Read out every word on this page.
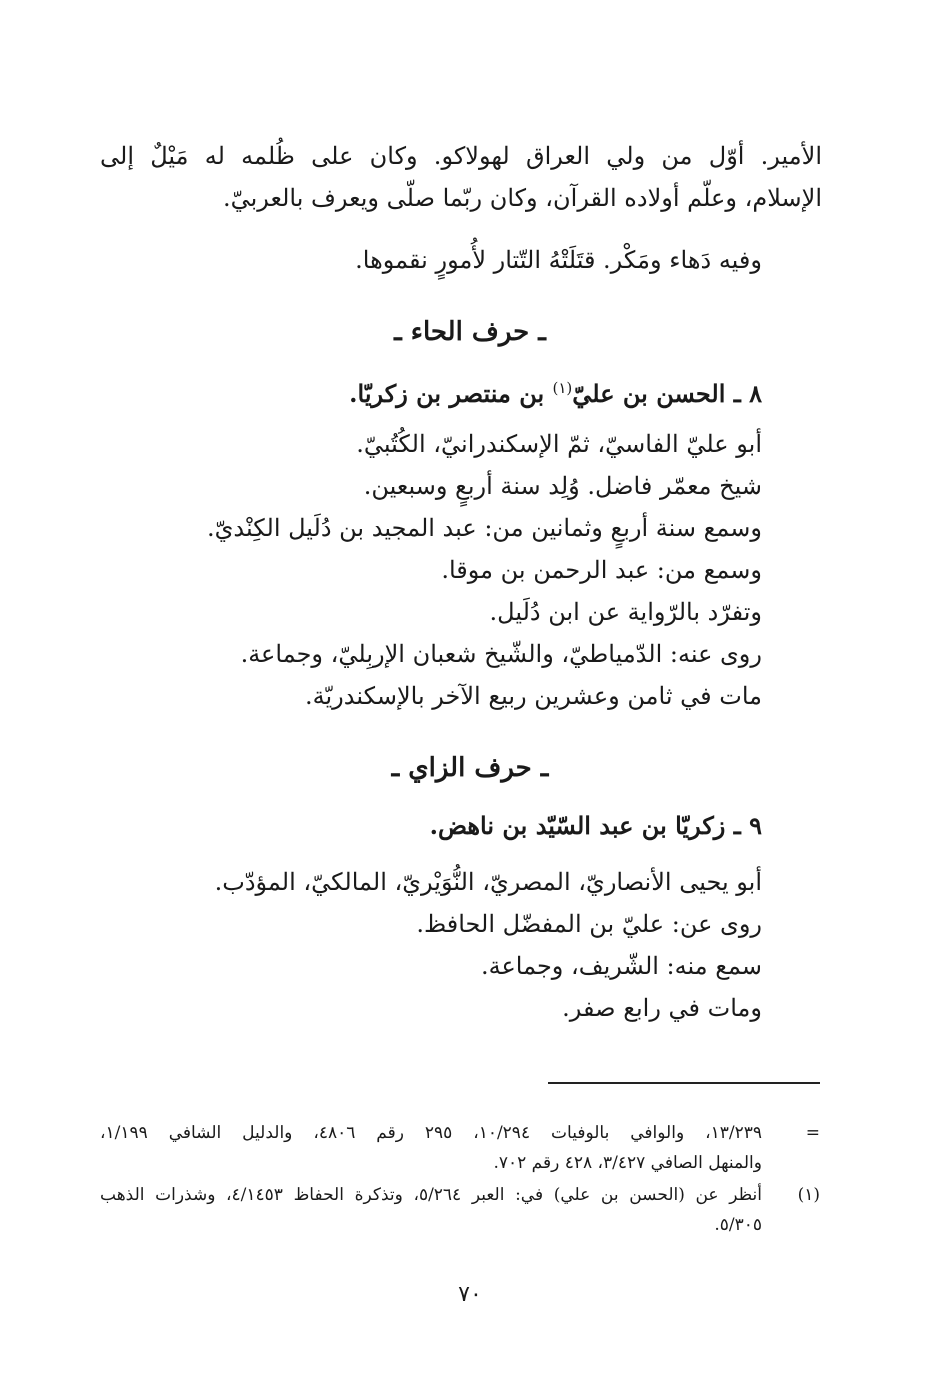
الأمير. أوّل من ولي العراق لهولاكو. وكان على ظُلمه له مَيْلٌ إلى
الإسلام، وعلّم أولاده القرآن، وكان ربّما صلّى ويعرف بالعربيّ.
وفيه دَهاء ومَكْر. قتَلَتْهُ التّتار لأُمورٍ نقموها.
ـ حرف الحاء ـ
٨ ـ الحسن بن عليّ$^{(١)}$ بن منتصر بن زكريّا.
أبو عليّ الفاسيّ، ثمّ الإسكندرانيّ، الكُتُبيّ.
شيخ معمّر فاضل. وُلِد سنة أربعٍ وسبعين.
وسمع سنة أربعٍ وثمانين من: عبد المجيد بن دُلَيل الكِنْديّ.
وسمع من: عبد الرحمن بن موقا.
وتفرّد بالرّواية عن ابن دُلَيل.
روى عنه: الدّمياطيّ، والشّيخ شعبان الإربِليّ، وجماعة.
مات في ثامن وعشرين ربيع الآخر بالإسكندريّة.
ـ حرف الزاي ـ
٩ ـ زكريّا بن عبد السّيّد بن ناهض.
أبو يحيى الأنصاريّ، المصريّ، النُّوَيْريّ، المالكيّ، المؤدّب.
روى عن: عليّ بن المفضّل الحافظ.
سمع منه: الشّريف، وجماعة.
ومات في رابع صفر.
=
١٣/٢٣٩، والوافي بالوفيات ١٠/٢٩٤، ٢٩٥ رقم ٤٨٠٦، والدليل الشافي ١/١٩٩،
والمنهل الصافي ٣/٤٢٧، ٤٢٨ رقم ٧٠٢.
(١)
أنظر عن (الحسن بن علي) في: العبر ٥/٢٦٤، وتذكرة الحفاظ ٤/١٤٥٣، وشذرات الذهب
٥/٣٠٥.
٧٠
